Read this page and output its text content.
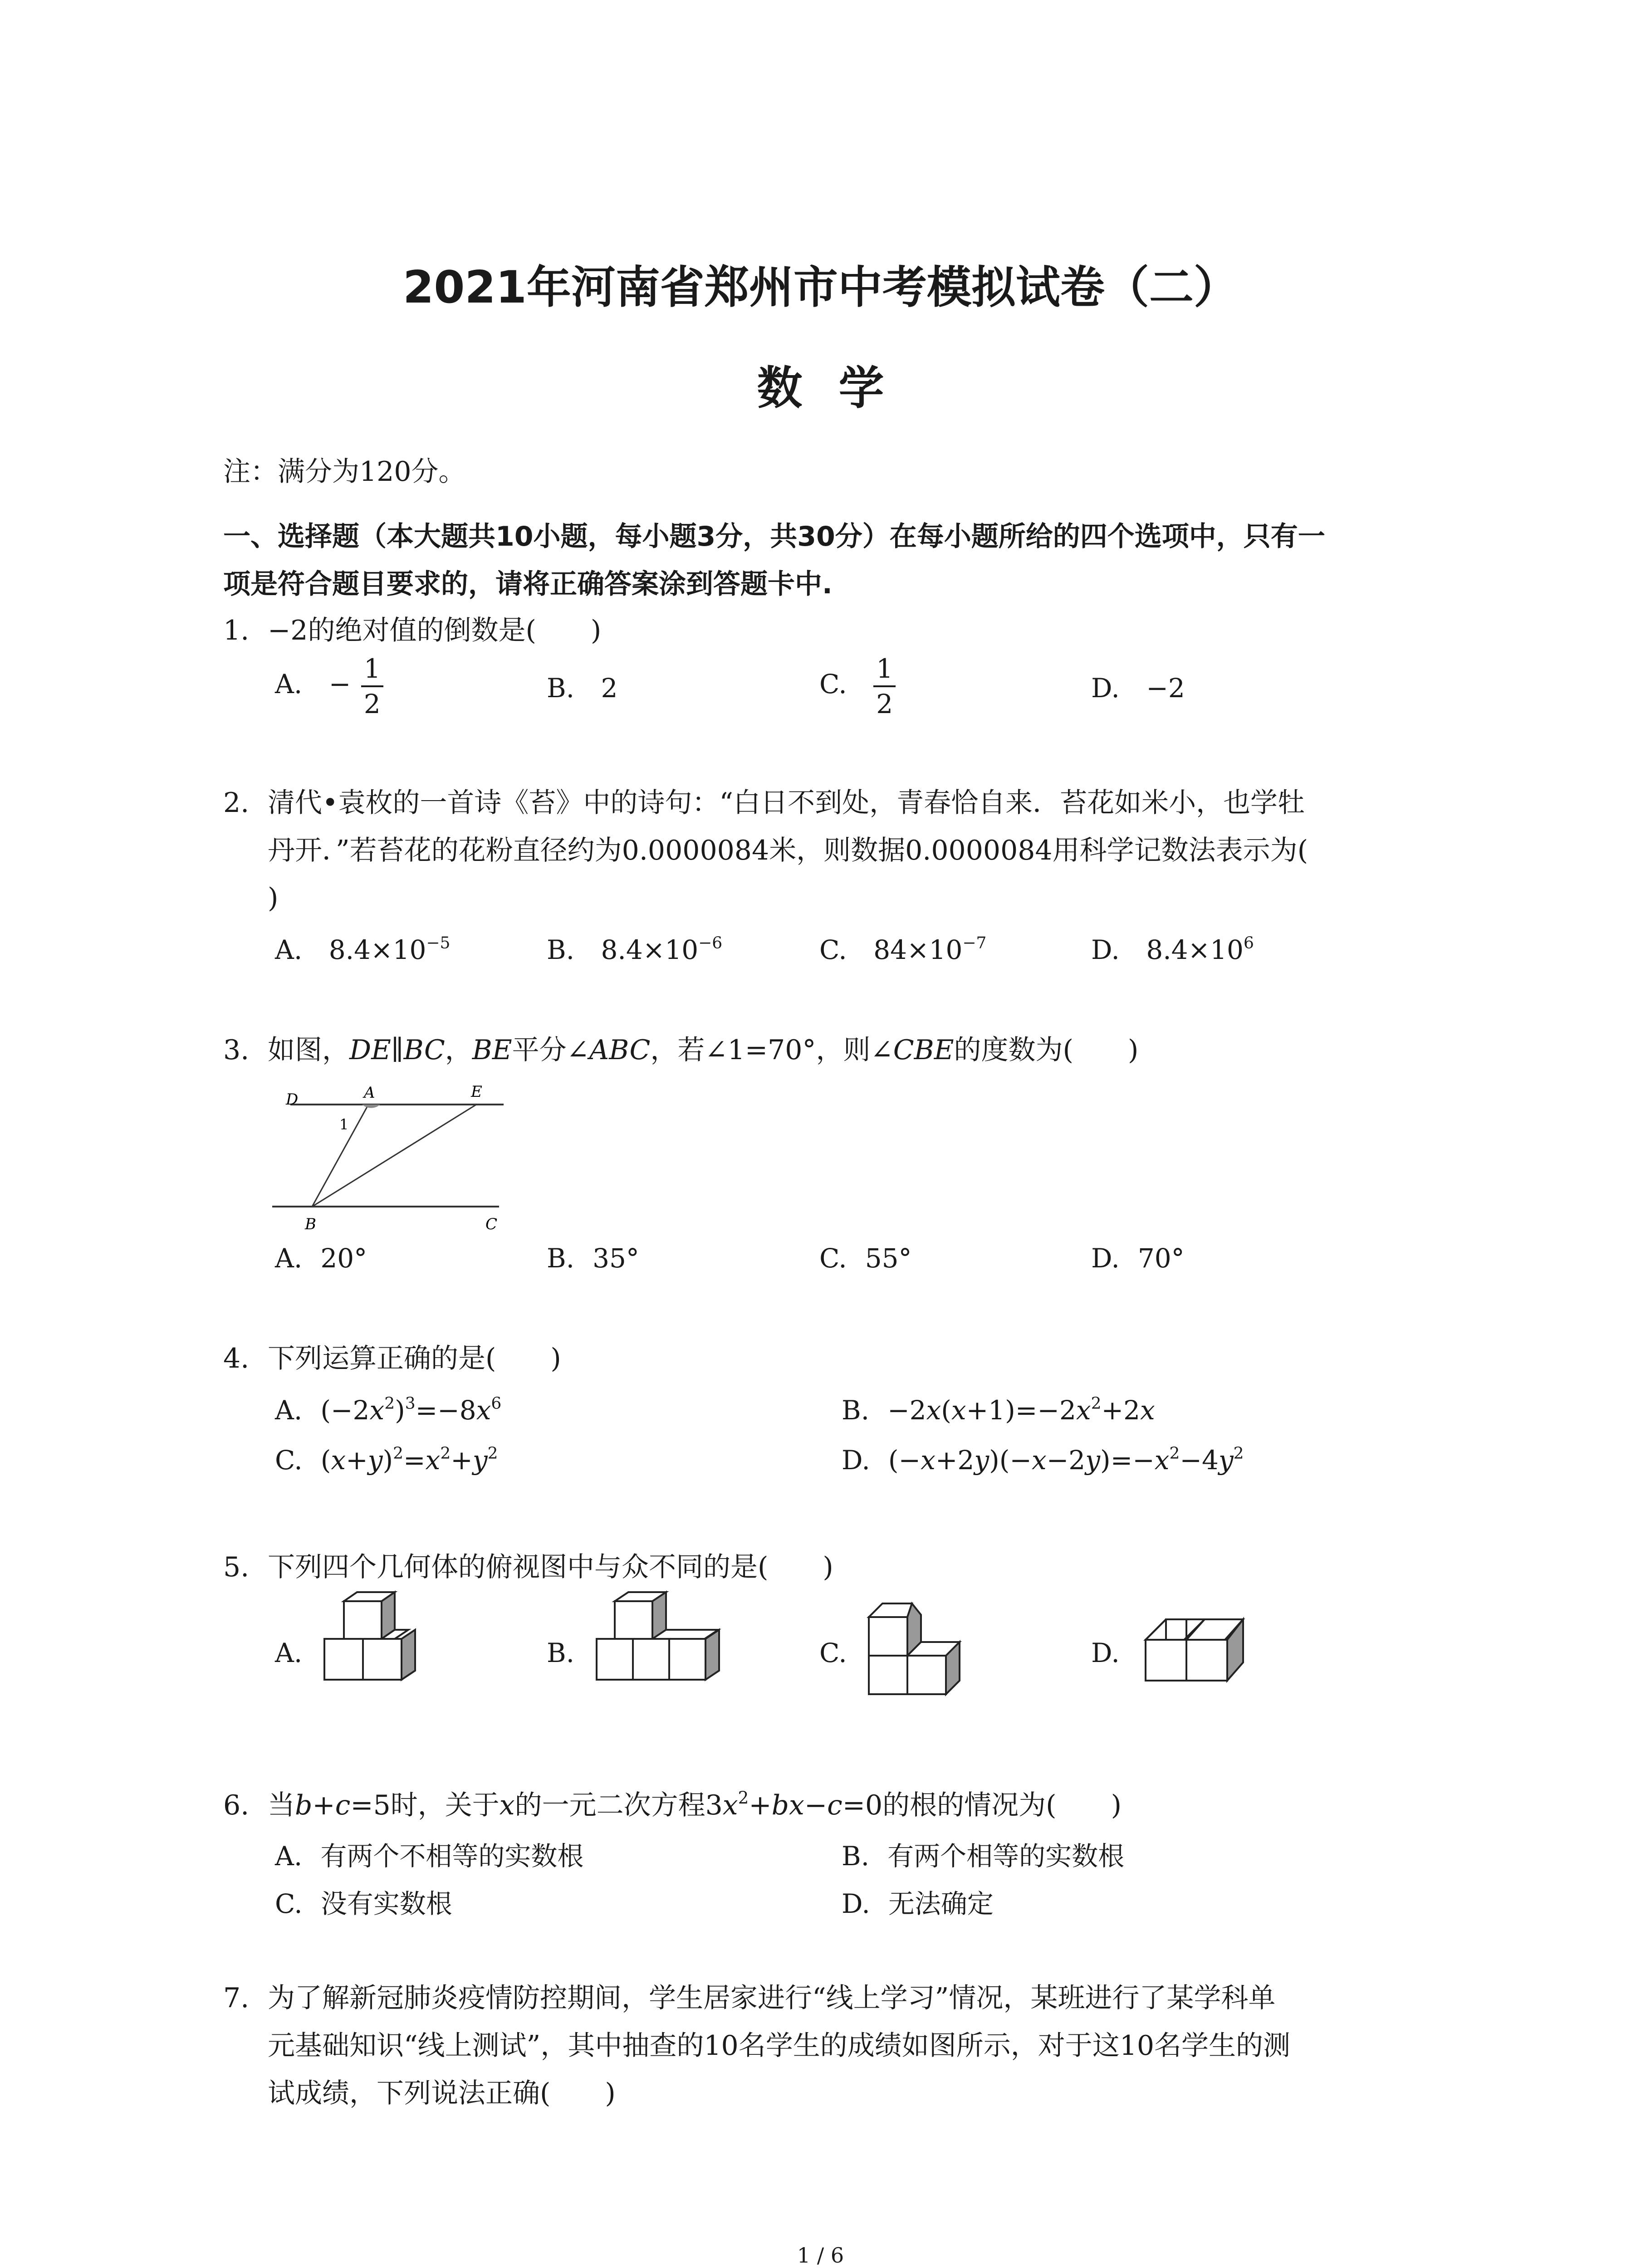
2021年河南省郑州市中考模拟试卷（二）
数学
注：满分为120分。
一、选择题（本大题共10小题，每小题3分，共30分）在每小题所给的四个选项中，只有一
项是符合题目要求的，请将正确答案涂到答题卡中.
1. −2的绝对值的倒数是(　　)
A. − $\frac{1}{2}$	B. 2	C. $\frac{1}{2}$	D. −2
2. 清代•袁枚的一首诗《苔》中的诗句：“白日不到处，青春恰自来．苔花如米小，也学牡
丹开．”若苔花的花粉直径约为0.0000084米，则数据0.0000084用科学记数法表示为(
)
A. $8.4\times 10^{-5}$	B. $8.4\times 10^{-6}$	C. $84\times 10^{-7}$	D. $8.4\times 10^6$
3. 如图，DE∥BC，BE平分∠ABC，若∠1=70°，则∠CBE的度数为(　　)
D	A	E
B	C
1
A. 20°	B. 35°	C. 55°	D. 70°
4. 下列运算正确的是(　　)
A. $(-2x^2)^3=-8x^6$	B. $-2x(x+1)=-2x^2+2x$
C. $(x+y)^2=x^2+y^2$	D. $(-x+2y)(-x-2y)=-x^2-4y^2$
5. 下列四个几何体的俯视图中与众不同的是(　　)
A.	B.	C.	D.
6. 当b+c=5时，关于x的一元二次方程$3x^2+bx-c=0$的根的情况为(　　)
A. 有两个不相等的实数根	B. 有两个相等的实数根
C. 没有实数根	D. 无法确定
7. 为了解新冠肺炎疫情防控期间，学生居家进行“线上学习”情况，某班进行了某学科单
元基础知识“线上测试”，其中抽查的10名学生的成绩如图所示，对于这10名学生的测
试成绩，下列说法正确(　　)
1 / 6
